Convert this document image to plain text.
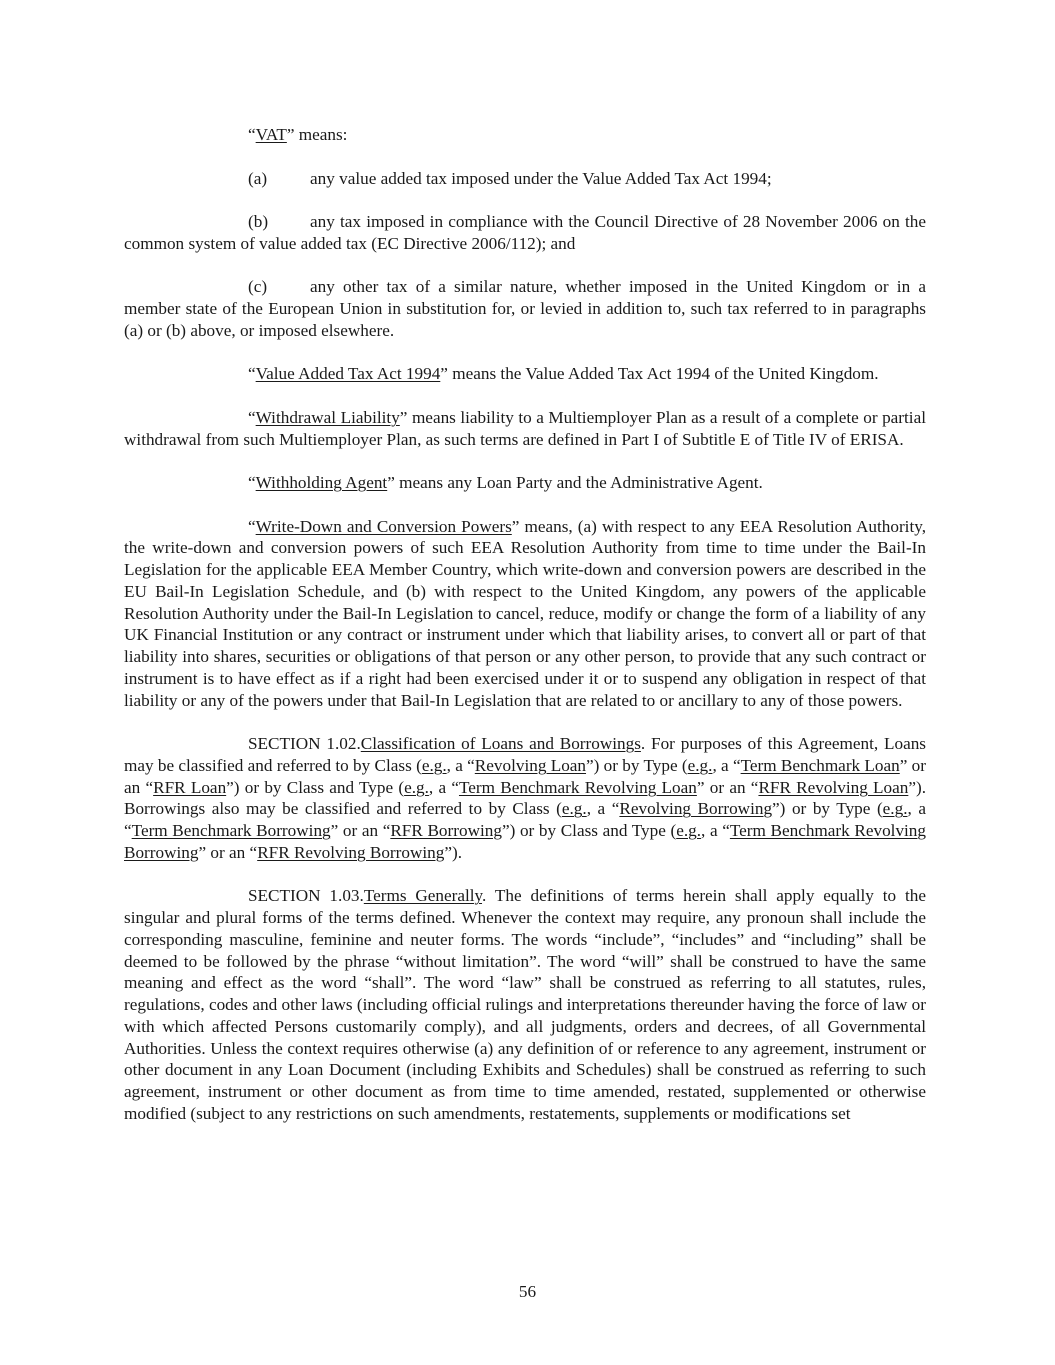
“VAT” means:

(a) any value added tax imposed under the Value Added Tax Act 1994;

(b) any tax imposed in compliance with the Council Directive of 28 November 2006 on the common system of value added tax (EC Directive 2006/112); and

(c) any other tax of a similar nature, whether imposed in the United Kingdom or in a member state of the European Union in substitution for, or levied in addition to, such tax referred to in paragraphs (a) or (b) above, or imposed elsewhere.

“Value Added Tax Act 1994” means the Value Added Tax Act 1994 of the United Kingdom.

“Withdrawal Liability” means liability to a Multiemployer Plan as a result of a complete or partial withdrawal from such Multiemployer Plan, as such terms are defined in Part I of Subtitle E of Title IV of ERISA.

“Withholding Agent” means any Loan Party and the Administrative Agent.

“Write-Down and Conversion Powers” means, (a) with respect to any EEA Resolution Authority, the write-down and conversion powers of such EEA Resolution Authority from time to time under the Bail-In Legislation for the applicable EEA Member Country, which write-down and conversion powers are described in the EU Bail-In Legislation Schedule, and (b) with respect to the United Kingdom, any powers of the applicable Resolution Authority under the Bail-In Legislation to cancel, reduce, modify or change the form of a liability of any UK Financial Institution or any contract or instrument under which that liability arises, to convert all or part of that liability into shares, securities or obligations of that person or any other person, to provide that any such contract or instrument is to have effect as if a right had been exercised under it or to suspend any obligation in respect of that liability or any of the powers under that Bail-In Legislation that are related to or ancillary to any of those powers.

SECTION 1.02.Classification of Loans and Borrowings. For purposes of this Agreement, Loans may be classified and referred to by Class (e.g., a “Revolving Loan”) or by Type (e.g., a “Term Benchmark Loan” or an “RFR Loan”) or by Class and Type (e.g., a “Term Benchmark Revolving Loan” or an “RFR Revolving Loan”). Borrowings also may be classified and referred to by Class (e.g., a “Revolving Borrowing”) or by Type (e.g., a “Term Benchmark Borrowing” or an “RFR Borrowing”) or by Class and Type (e.g., a “Term Benchmark Revolving Borrowing” or an “RFR Revolving Borrowing”).

SECTION 1.03.Terms Generally. The definitions of terms herein shall apply equally to the singular and plural forms of the terms defined. Whenever the context may require, any pronoun shall include the corresponding masculine, feminine and neuter forms. The words “include”, “includes” and “including” shall be deemed to be followed by the phrase “without limitation”. The word “will” shall be construed to have the same meaning and effect as the word “shall”. The word “law” shall be construed as referring to all statutes, rules, regulations, codes and other laws (including official rulings and interpretations thereunder having the force of law or with which affected Persons customarily comply), and all judgments, orders and decrees, of all Governmental Authorities. Unless the context requires otherwise (a) any definition of or reference to any agreement, instrument or other document in any Loan Document (including Exhibits and Schedules) shall be construed as referring to such agreement, instrument or other document as from time to time amended, restated, supplemented or otherwise modified (subject to any restrictions on such amendments, restatements, supplements or modifications set

56
